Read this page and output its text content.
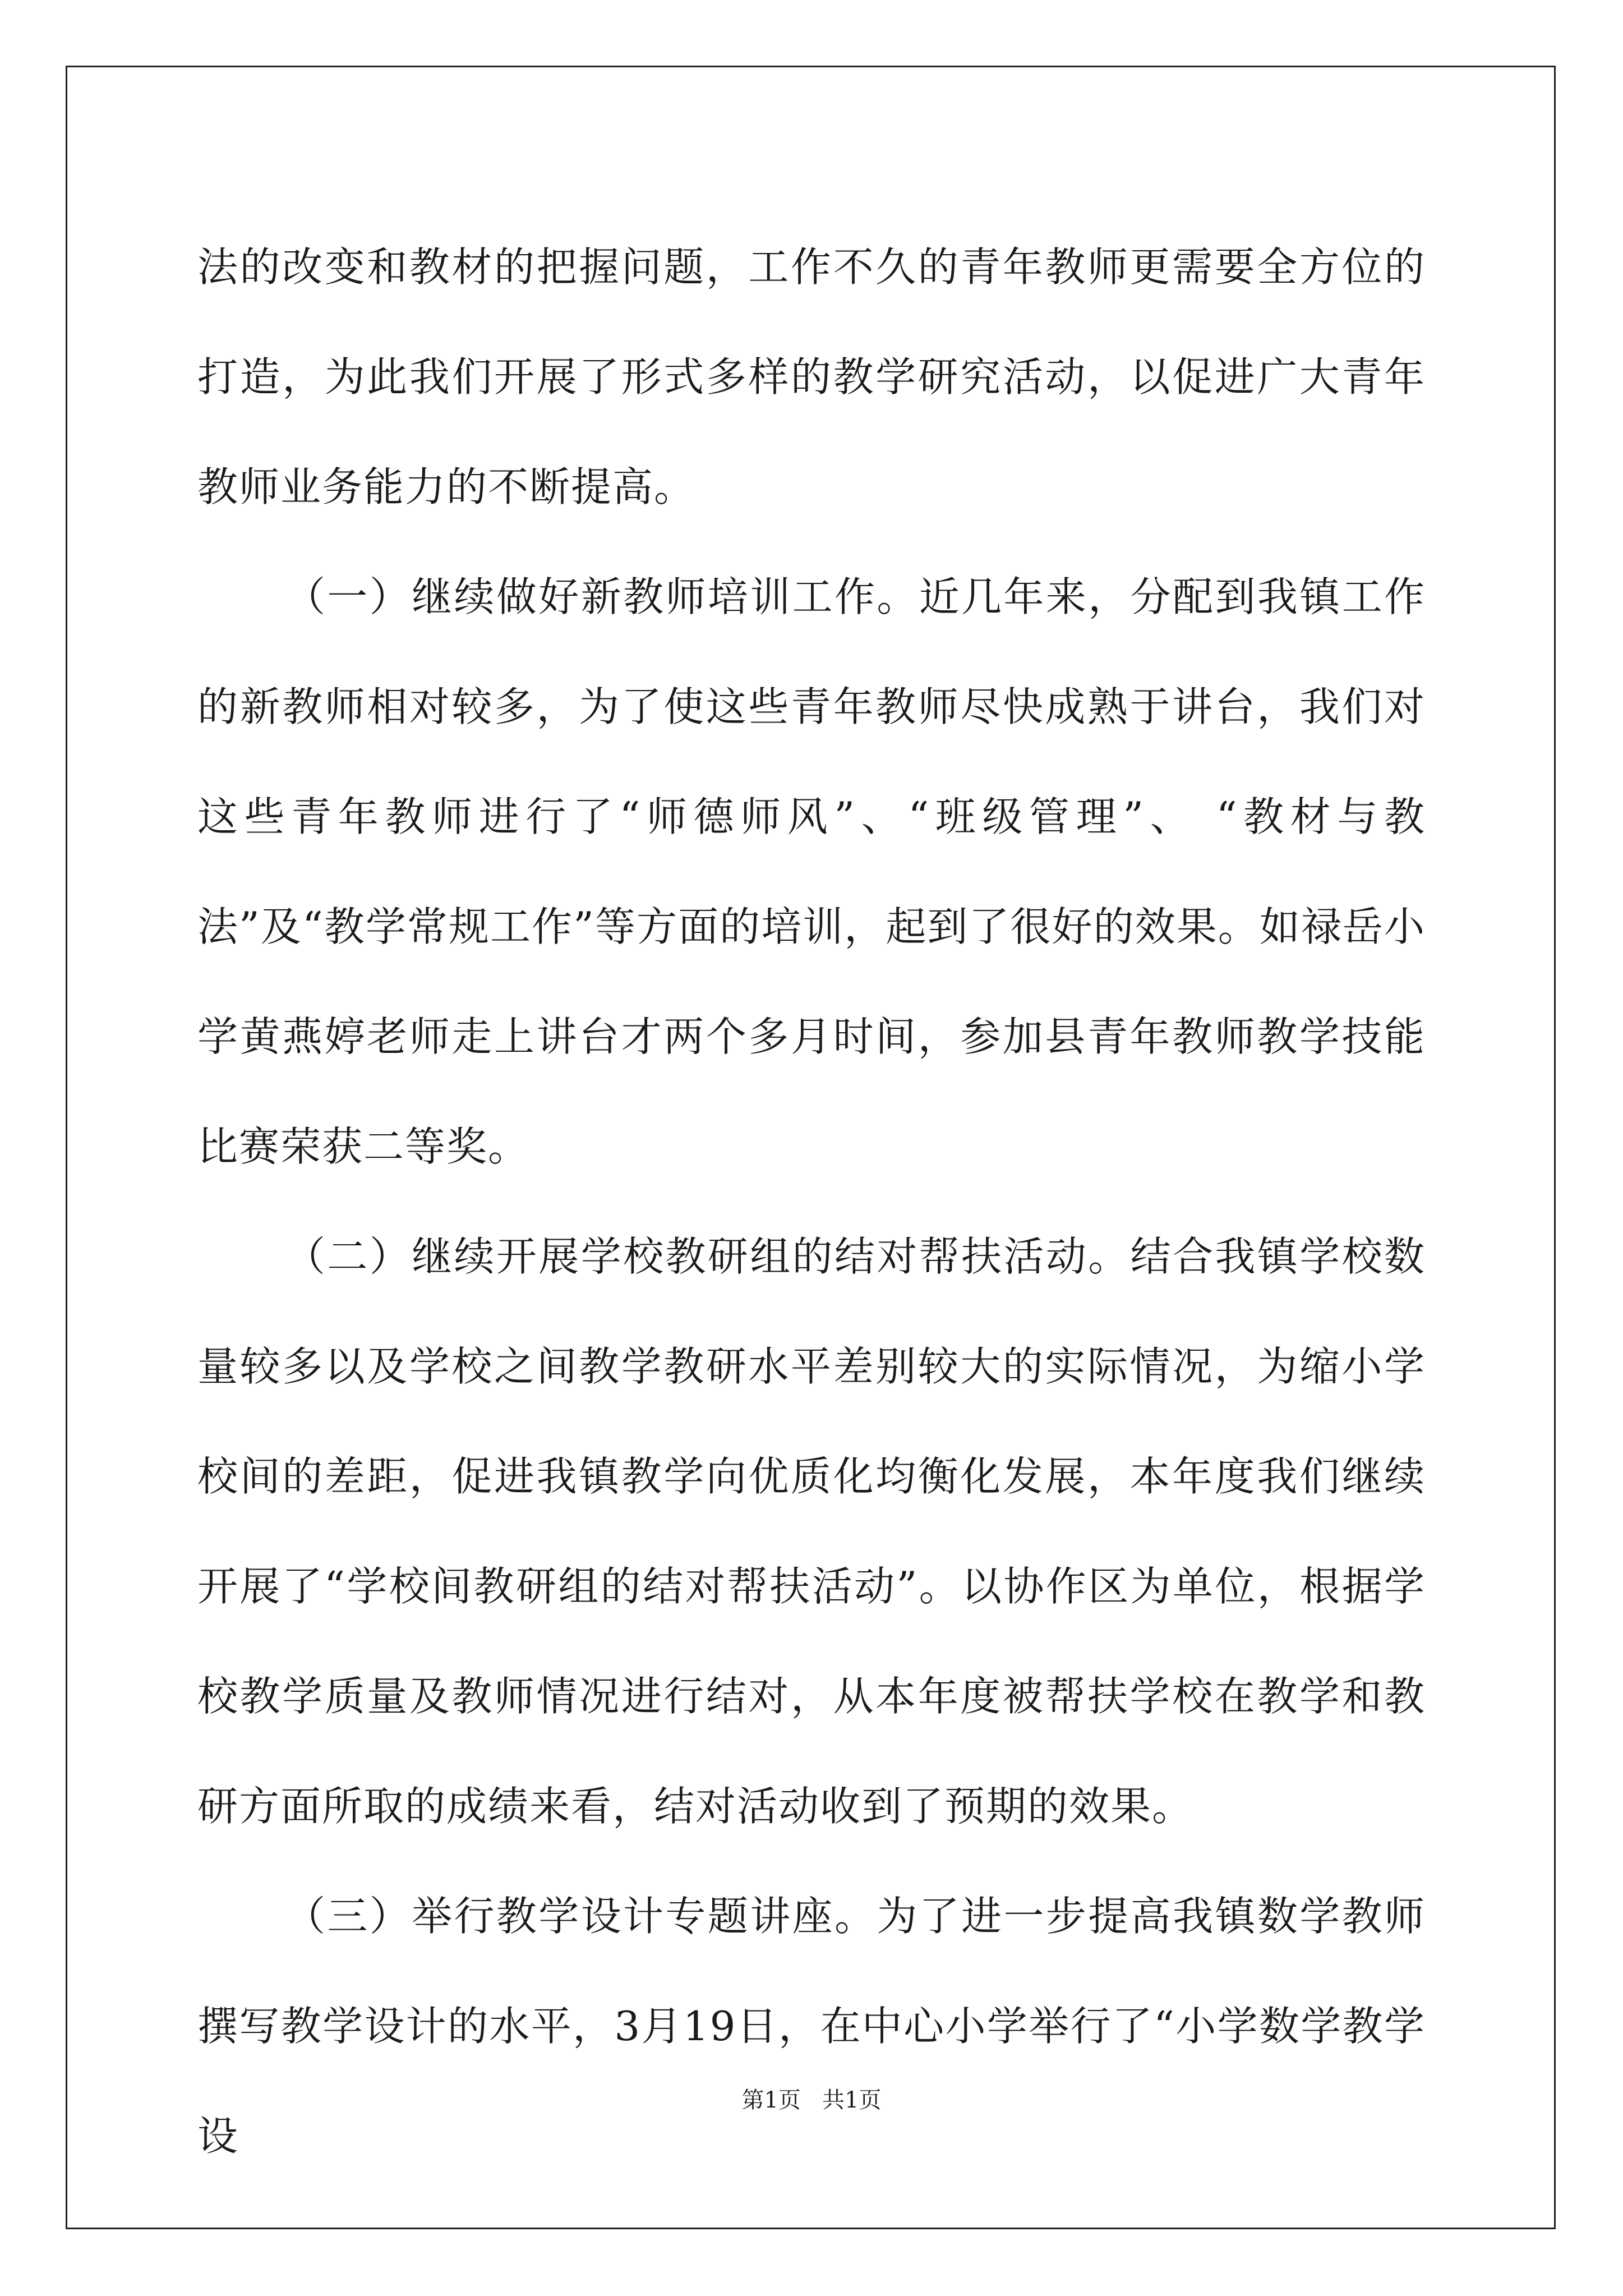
法的改变和教材的把握问题，工作不久的青年教师更需要全方位的打造，为此我们开展了形式多样的教学研究活动，以促进广大青年教师业务能力的不断提高。

（一）继续做好新教师培训工作。近几年来，分配到我镇工作的新教师相对较多，为了使这些青年教师尽快成熟于讲台，我们对这些青年教师进行了“师德师风”、“班级管理”、 “教材与教法”及“教学常规工作”等方面的培训，起到了很好的效果。如禄岳小学黄燕婷老师走上讲台才两个多月时间，参加县青年教师教学技能比赛荣获二等奖。

（二）继续开展学校教研组的结对帮扶活动。结合我镇学校数量较多以及学校之间教学教研水平差别较大的实际情况，为缩小学校间的差距，促进我镇教学向优质化均衡化发展，本年度我们继续开展了“学校间教研组的结对帮扶活动”。以协作区为单位，根据学校教学质量及教师情况进行结对，从本年度被帮扶学校在教学和教研方面所取的成绩来看，结对活动收到了预期的效果。

（三）举行教学设计专题讲座。为了进一步提高我镇数学教师撰写教学设计的水平，3月19日，在中心小学举行了“小学数学教学设

第1页   共1页
